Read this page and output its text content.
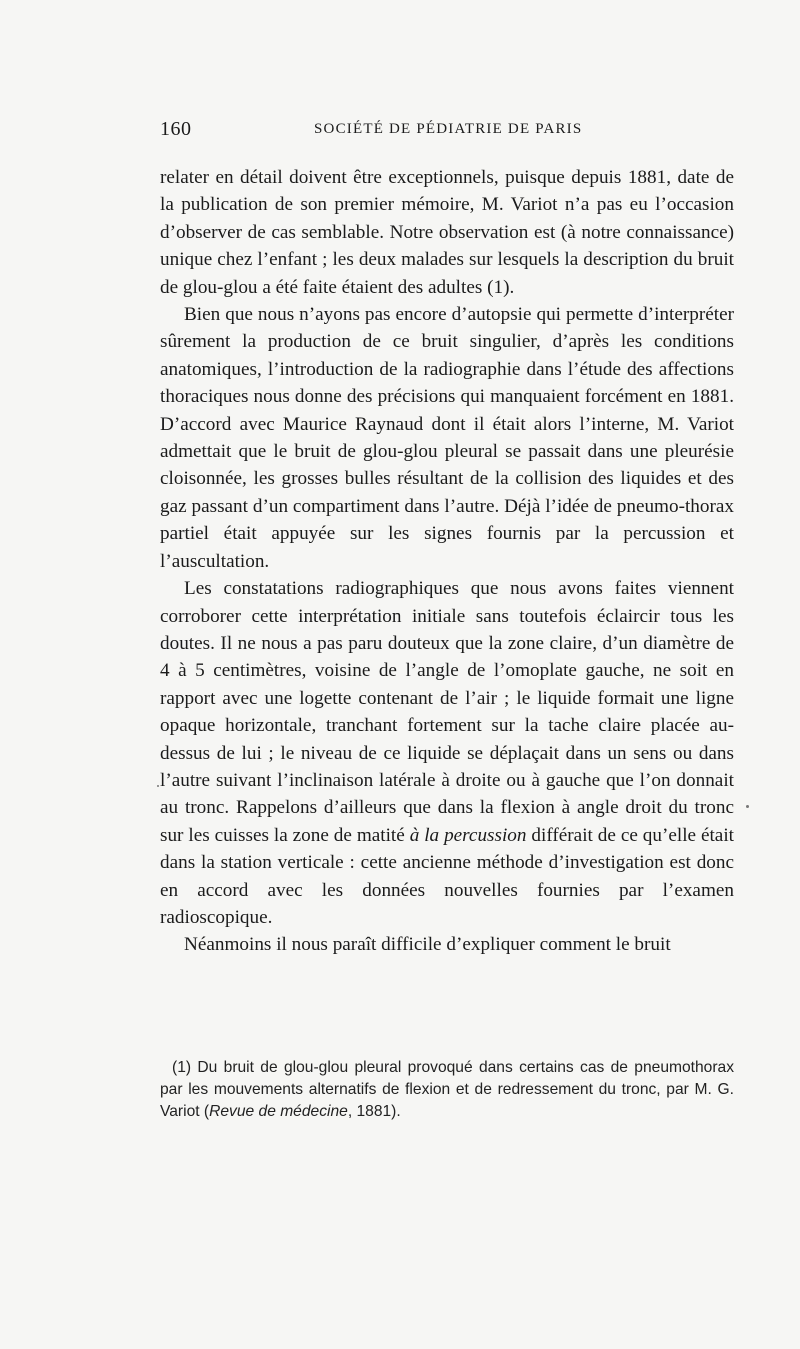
160	SOCIÉTÉ DE PÉDIATRIE DE PARIS

relater en détail doivent être exceptionnels, puisque depuis 1881, date de la publication de son premier mémoire, M. Variot n’a pas eu l’occasion d’observer de cas semblable. Notre observation est (à notre connaissance) unique chez l’enfant ; les deux malades sur lesquels la description du bruit de glou-glou a été faite étaient des adultes (1).

Bien que nous n’ayons pas encore d’autopsie qui permette d’interpréter sûrement la production de ce bruit singulier, d’après les conditions anatomiques, l’introduction de la radiographie dans l’étude des affections thoraciques nous donne des précisions qui manquaient forcément en 1881. D’accord avec Maurice Raynaud dont il était alors l’interne, M. Variot admettait que le bruit de glou-glou pleural se passait dans une pleurésie cloisonnée, les grosses bulles résultant de la collision des liquides et des gaz passant d’un compartiment dans l’autre. Déjà l’idée de pneumo-thorax partiel était appuyée sur les signes fournis par la percussion et l’auscultation.

Les constatations radiographiques que nous avons faites viennent corroborer cette interprétation initiale sans toutefois éclaircir tous les doutes. Il ne nous a pas paru douteux que la zone claire, d’un diamètre de 4 à 5 centimètres, voisine de l’angle de l’omoplate gauche, ne soit en rapport avec une logette contenant de l’air ; le liquide formait une ligne opaque horizontale, tranchant fortement sur la tache claire placée au-dessus de lui ; le niveau de ce liquide se déplaçait dans un sens ou dans l’autre suivant l’inclinaison latérale à droite ou à gauche que l’on donnait au tronc. Rappelons d’ailleurs que dans la flexion à angle droit du tronc sur les cuisses la zone de matité à la percussion différait de ce qu’elle était dans la station verticale : cette ancienne méthode d’investigation est donc en accord avec les données nouvelles fournies par l’examen radioscopique.

Néanmoins il nous paraît difficile d’expliquer comment le bruit

(1) Du bruit de glou-glou pleural provoqué dans certains cas de pneumothorax par les mouvements alternatifs de flexion et de redressement du tronc, par M. G. Variot (Revue de médecine, 1881).
